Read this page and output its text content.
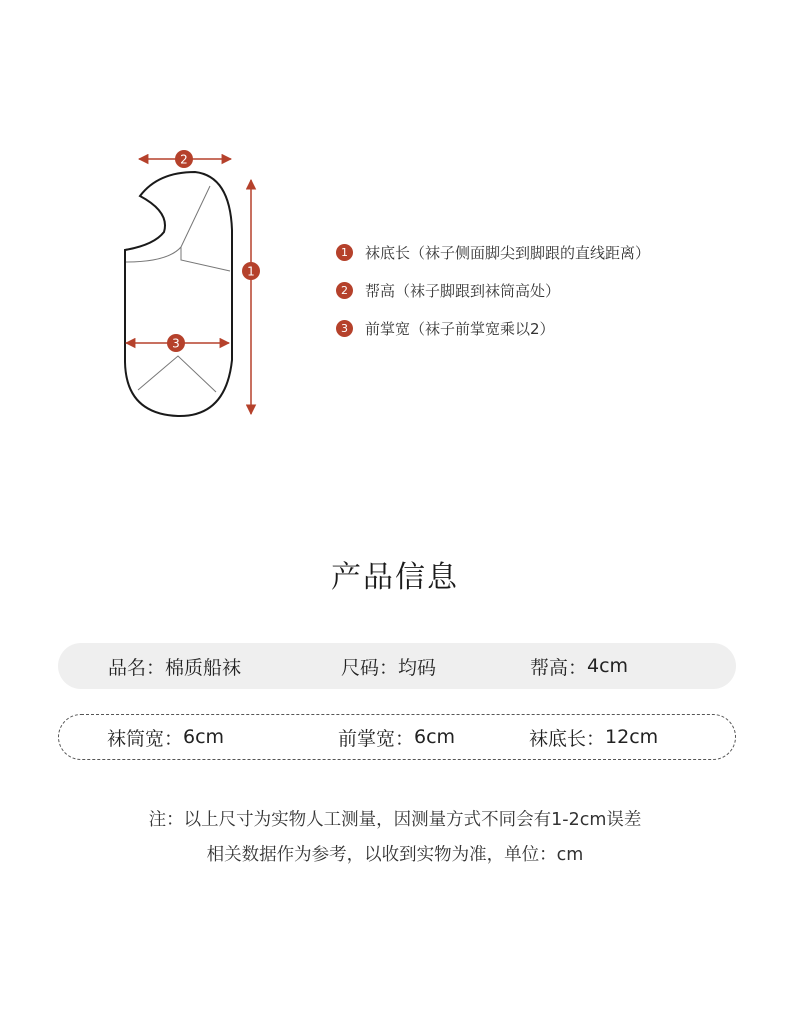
2
1
3
1	袜底长（袜子侧面脚尖到脚跟的直线距离）
2	帮高（袜子脚跟到袜筒高处）
3	前掌宽（袜子前掌宽乘以2）
产品信息
品名： 棉质船袜	尺码： 均码	帮高： 4cm
袜筒宽： 6cm	前掌宽： 6cm	袜底长： 12cm
注：以上尺寸为实物人工测量，因测量方式不同会有1-2cm误差
相关数据作为参考，以收到实物为准，单位：cm
